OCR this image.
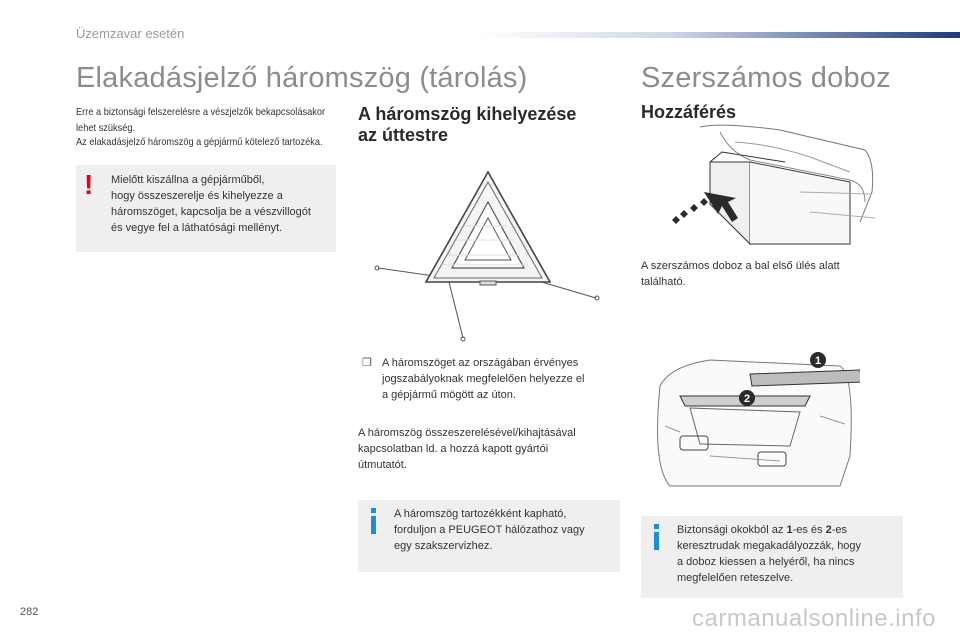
Üzemzavar esetén
Elakadásjelző háromszög (tárolás)
Erre a biztonsági felszerelésre a vészjelzők bekapcsolásakor
lehet szükség.
Az elakadásjelző háromszög a gépjármű kötelező tartozéka.
! Mielőtt kiszállna a gépjárműből,
hogy összeszerelje és kihelyezze a
háromszöget, kapcsolja be a vészvillogót
és vegye fel a láthatósági mellényt.
A háromszög kihelyezése
az úttestre
❒ A háromszöget az országában érvényes
jogszabályoknak megfelelően helyezze el
a gépjármű mögött az úton.
A háromszög összeszerelésével/kihajtásával
kapcsolatban ld. a hozzá kapott gyártói
útmutatót.
A háromszög tartozékként kapható,
forduljon a PEUGEOT hálózathoz vagy
egy szakszervizhez.
Szerszámos doboz
Hozzáférés
A szerszámos doboz a bal első ülés alatt
található.
1
2
Biztonsági okokból az 1-es és 2-es
keresztrudak megakadályozzák, hogy
a doboz kiessen a helyéről, ha nincs
megfelelően reteszelve.
282	carmanualsonline.info
